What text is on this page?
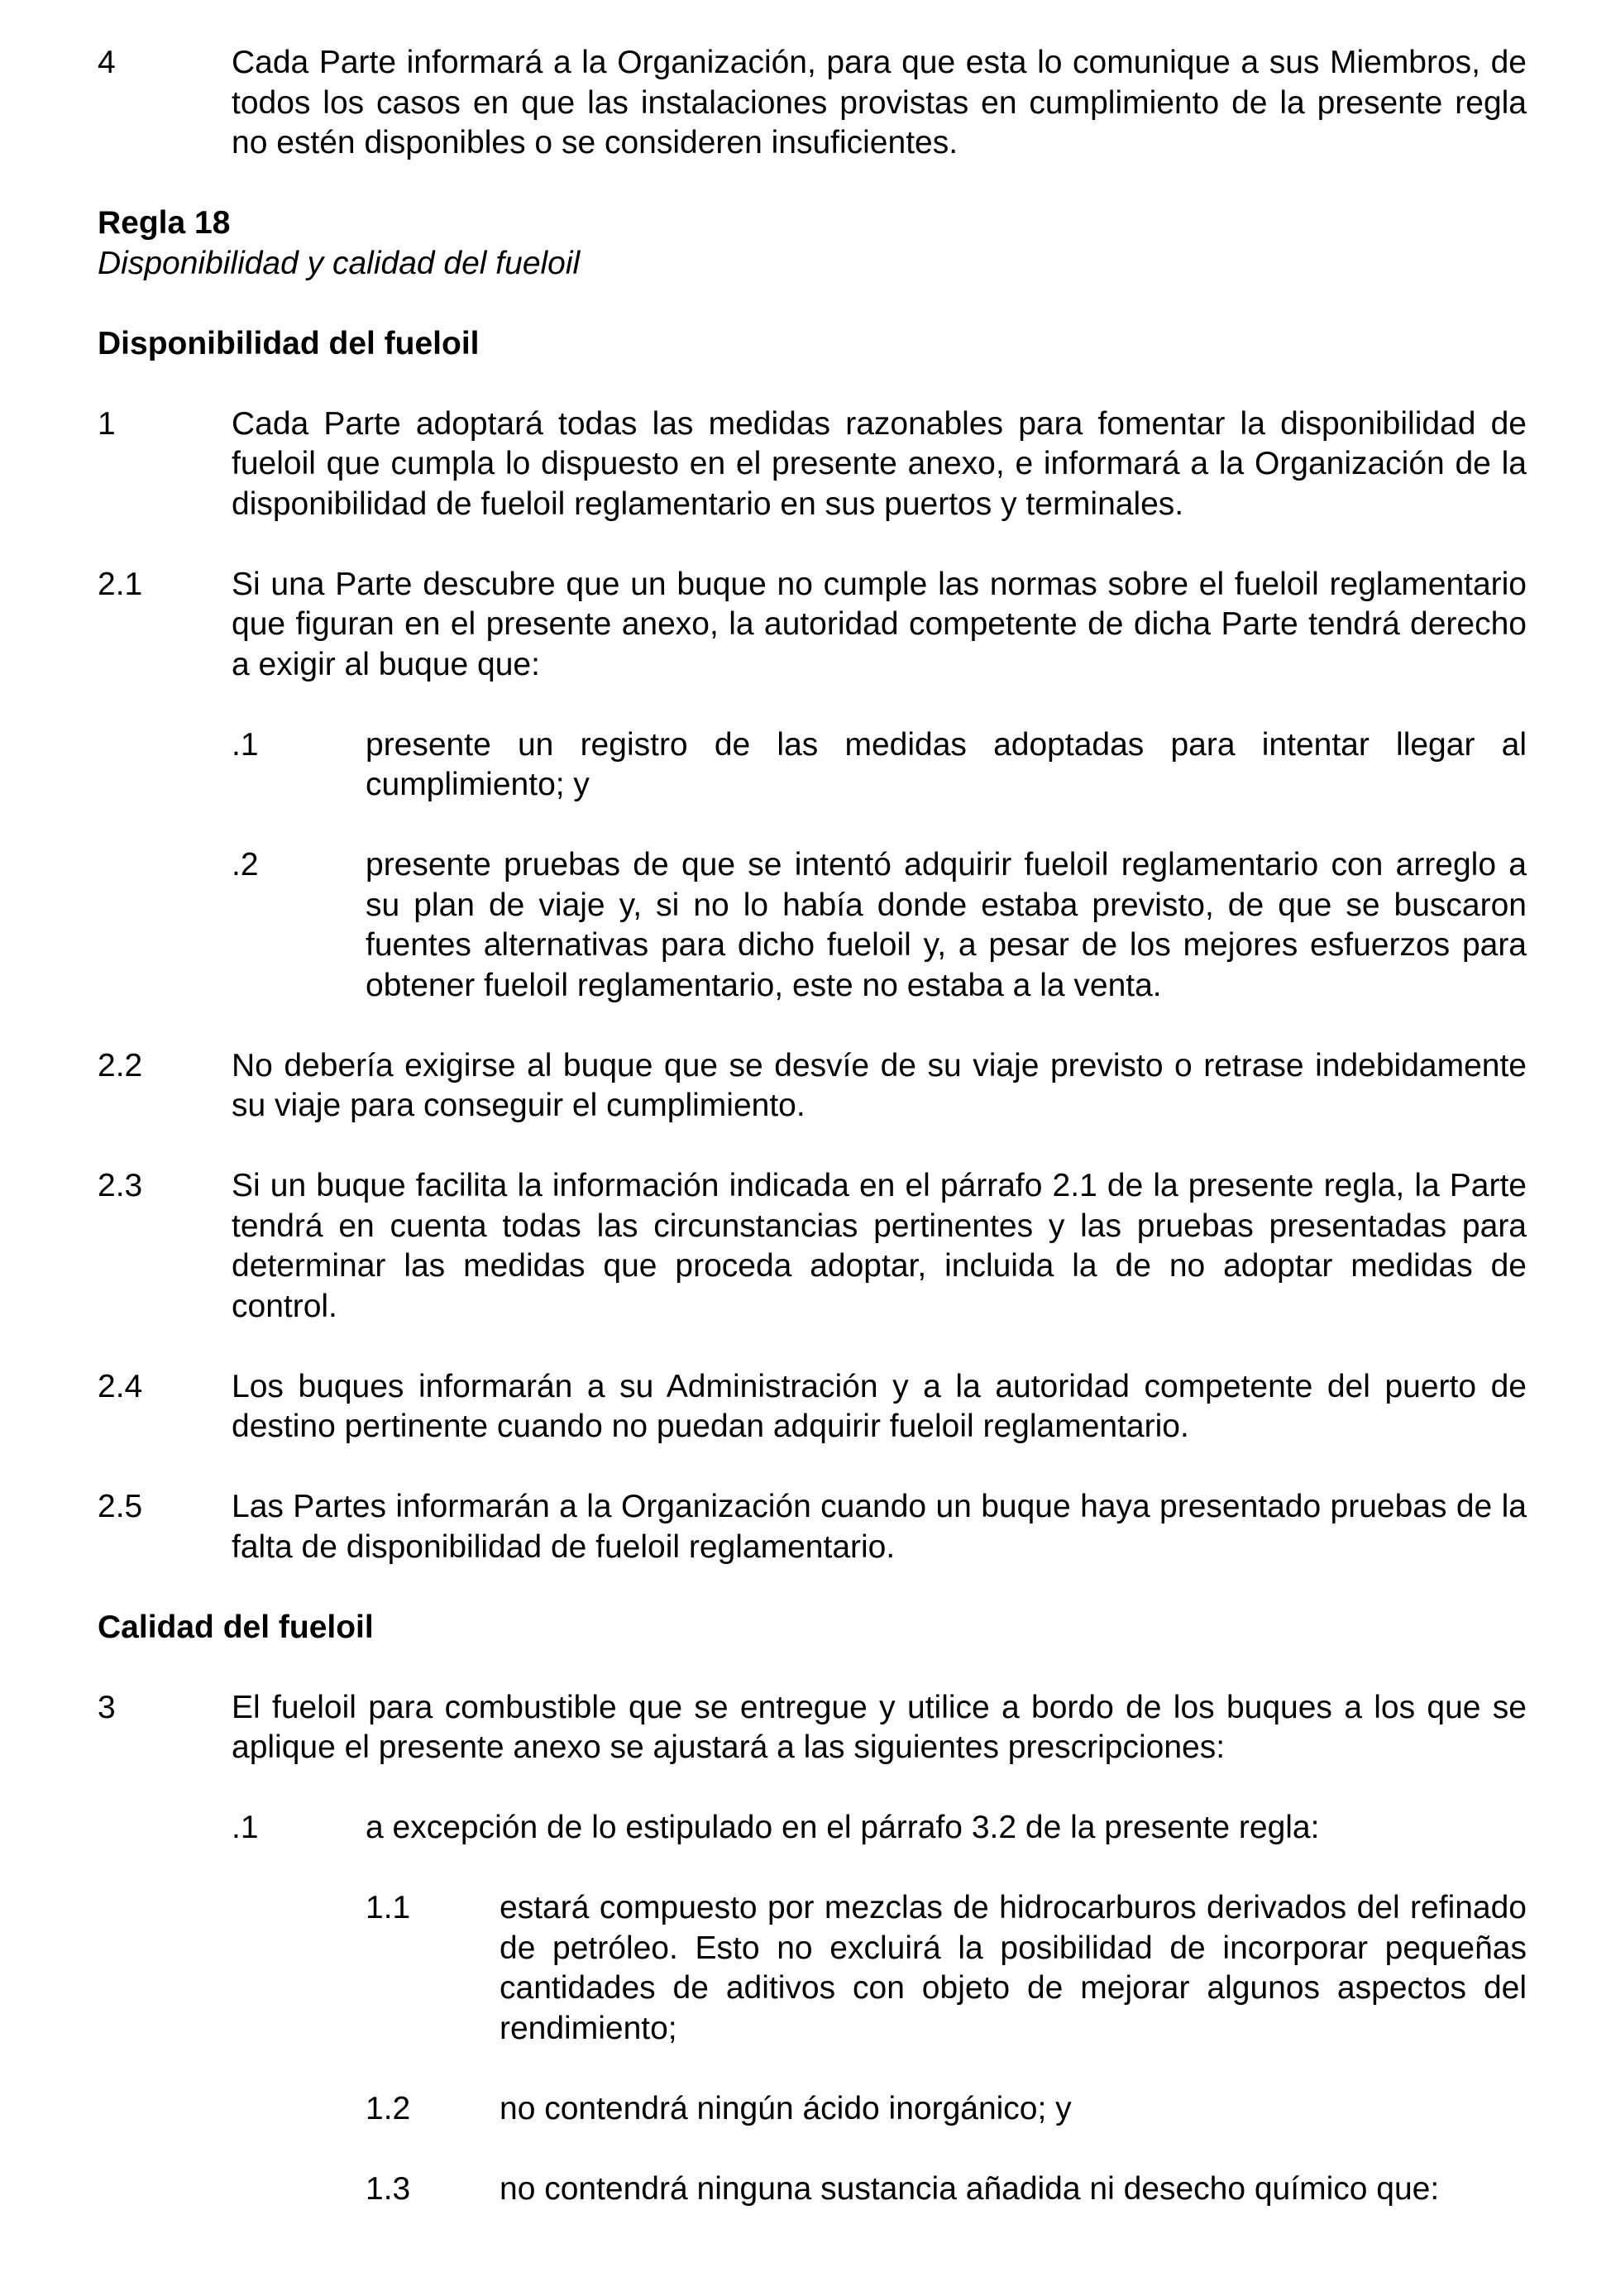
4	Cada Parte informará a la Organización, para que esta lo comunique a sus Miembros, de todos los casos en que las instalaciones provistas en cumplimiento de la presente regla no estén disponibles o se consideren insuficientes.
Regla 18
Disponibilidad y calidad del fueloil
Disponibilidad del fueloil
1	Cada Parte adoptará todas las medidas razonables para fomentar la disponibilidad de fueloil que cumpla lo dispuesto en el presente anexo, e informará a la Organización de la disponibilidad de fueloil reglamentario en sus puertos y terminales.
2.1	Si una Parte descubre que un buque no cumple las normas sobre el fueloil reglamentario que figuran en el presente anexo, la autoridad competente de dicha Parte tendrá derecho a exigir al buque que:
.1	presente un registro de las medidas adoptadas para intentar llegar al cumplimiento; y
.2	presente pruebas de que se intentó adquirir fueloil reglamentario con arreglo a su plan de viaje y, si no lo había donde estaba previsto, de que se buscaron fuentes alternativas para dicho fueloil y, a pesar de los mejores esfuerzos para obtener fueloil reglamentario, este no estaba a la venta.
2.2	No debería exigirse al buque que se desvíe de su viaje previsto o retrase indebidamente su viaje para conseguir el cumplimiento.
2.3	Si un buque facilita la información indicada en el párrafo 2.1 de la presente regla, la Parte tendrá en cuenta todas las circunstancias pertinentes y las pruebas presentadas para determinar las medidas que proceda adoptar, incluida la de no adoptar medidas de control.
2.4	Los buques informarán a su Administración y a la autoridad competente del puerto de destino pertinente cuando no puedan adquirir fueloil reglamentario.
2.5	Las Partes informarán a la Organización cuando un buque haya presentado pruebas de la falta de disponibilidad de fueloil reglamentario.
Calidad del fueloil
3	El fueloil para combustible que se entregue y utilice a bordo de los buques a los que se aplique el presente anexo se ajustará a las siguientes prescripciones:
.1	a excepción de lo estipulado en el párrafo 3.2 de la presente regla:
1.1	estará compuesto por mezclas de hidrocarburos derivados del refinado de petróleo. Esto no excluirá la posibilidad de incorporar pequeñas cantidades de aditivos con objeto de mejorar algunos aspectos del rendimiento;
1.2	no contendrá ningún ácido inorgánico; y
1.3	no contendrá ninguna sustancia añadida ni desecho químico que:
